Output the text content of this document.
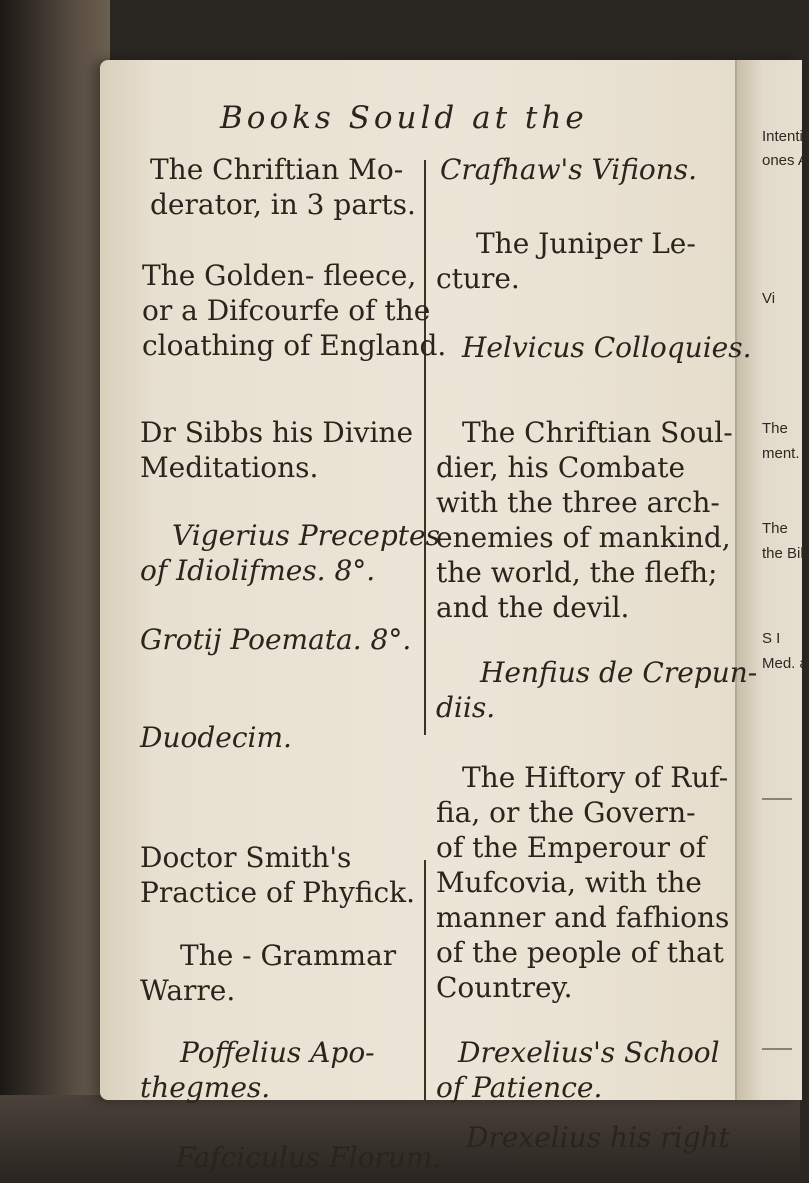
Books Sould at the
The Chriftian Mo-
derator, in 3 parts.
The Golden- fleece,
or a Difcourfe of the
cloathing of England.
Dr Sibbs his Divine
Meditations.
Vigerius Preceptes
of Idiolifmes. 8°.
Grotij Poemata. 8°.
Duodecim.
Doctor Smith's
Practice of Phyfick.
The - Grammar
Warre.
Poffelius Apo-
thegmes.
Fafciculus Florum.
Crafhaw's Vifions.
The Juniper Le-
cture.
Helvicus Colloquies.
The Chriftian Soul-
dier, his Combate
with the three arch-
enemies of mankind,
the world, the flefh;
and the devil.
Henfius de Crepun-
diis.
The Hiftory of Ruf-
fia, or the Govern-
of the Emperour of
Mufcovia, with the
manner and fafhions
of the people of that
Countrey.
Drexelius's School
of Patience.
Drexelius his right
Intenti
ones A
Vi
The
ment.
The
the Bib
S I
Med. a
——
——
